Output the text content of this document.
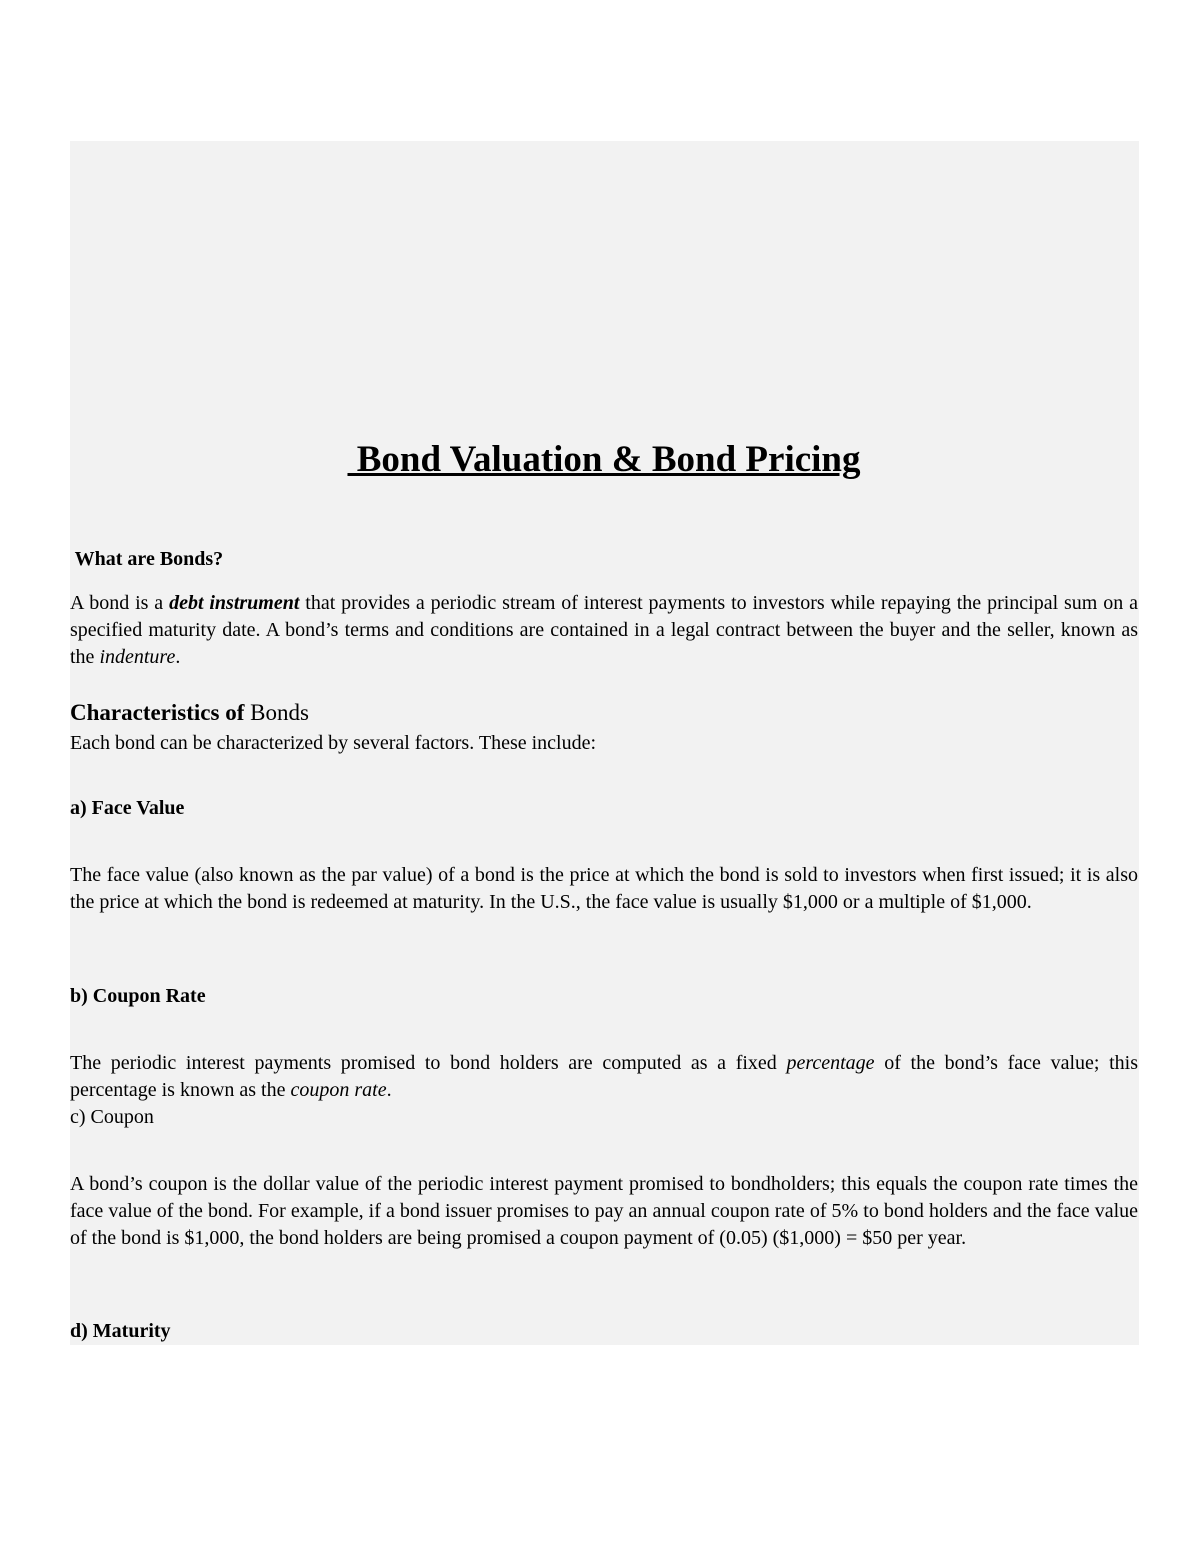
Bond Valuation & Bond Pricing
What are Bonds?
A bond is a debt instrument that provides a periodic stream of interest payments to investors while repaying the principal sum on a specified maturity date. A bond’s terms and conditions are contained in a legal contract between the buyer and the seller, known as the indenture.
Characteristics of Bonds
Each bond can be characterized by several factors. These include:
a) Face Value
The face value (also known as the par value) of a bond is the price at which the bond is sold to investors when first issued; it is also the price at which the bond is redeemed at maturity. In the U.S., the face value is usually $1,000 or a multiple of $1,000.
b) Coupon Rate
The periodic interest payments promised to bond holders are computed as a fixed percentage of the bond’s face value; this percentage is known as the coupon rate.
c) Coupon
A bond’s coupon is the dollar value of the periodic interest payment promised to bondholders; this equals the coupon rate times the face value of the bond. For example, if a bond issuer promises to pay an annual coupon rate of 5% to bond holders and the face value of the bond is $1,000, the bond holders are being promised a coupon payment of (0.05) ($1,000) = $50 per year.
d) Maturity
